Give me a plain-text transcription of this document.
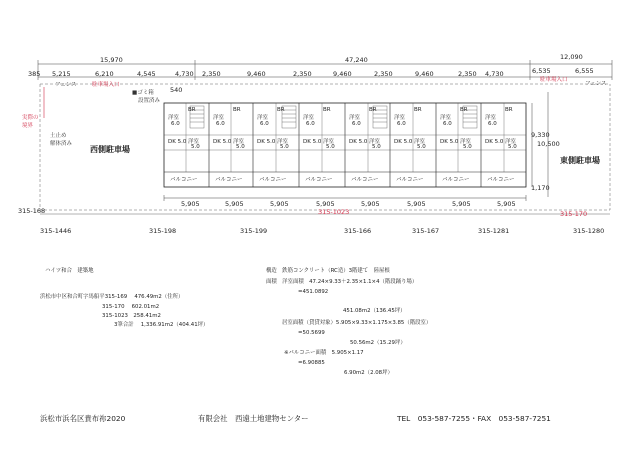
15,970	47,240	12,090
385 5,215	6,210	4,545	4,730 2,350	9,460	2,350	9,460	2,350	9,460	2,350 4,730	6,535	6,555
540
フェンス	駐車場入口
駐車場入口
フェンス
■ゴミ箱
設置済み
実際の
境界
土止め
解体済み
西側駐車場
東側駐車場
9,330
10,500
1,170
洋室
6.0
BR
DK 5.0 洋室
5.0
バルコニー
洋室
6.0
BR
DK 5.0 洋室
5.0
バルコニー
洋室
6.0
BR
DK 5.0 洋室
5.0
バルコニー
洋室
6.0
BR
DK 5.0 洋室
5.0
バルコニー
洋室
6.0
BR
DK 5.0 洋室
5.0
バルコニー
洋室
6.0
BR
DK 5.0 洋室
5.0
バルコニー
洋室
6.0
BR
DK 5.0 洋室
5.0
バルコニー
洋室
6.0
BR
DK 5.0 洋室
5.0
バルコニー
5,905	5,905	5,905	5,905	5,905	5,905	5,905	5,905
315-168	315-1023	315-170
315-1446	315-198	315-199	315-166	315-167	315-1281	315-1280
ハイツ和合　建築地
浜松市中区和合町字馬船平315-169　 476.49m2（住所）
315-170　 602.01m2
315-1023　258.41m2
3筆合計　 1,336.91m2（404.41坪）
構造　鉄筋コンクリート（RC造）3階建て　陸屋根
面積　洋室面積　47.24×9.33＋2.35×1.1×4（階段踊り場）
=451.0892
451.08m2（136.45坪）
居室面積（貸貸対象）5.905×9.33×1.175×3.85（階段室）
=50.5699
50.56m2（15.29坪）
※バルコニー面積　5.905×1.17
=6.90885
6.90m2（2.08坪）
浜松市浜名区貴布祢2020	有限会社　西遠土地建物センター	TEL　053-587-7255・FAX　053-587-7251
